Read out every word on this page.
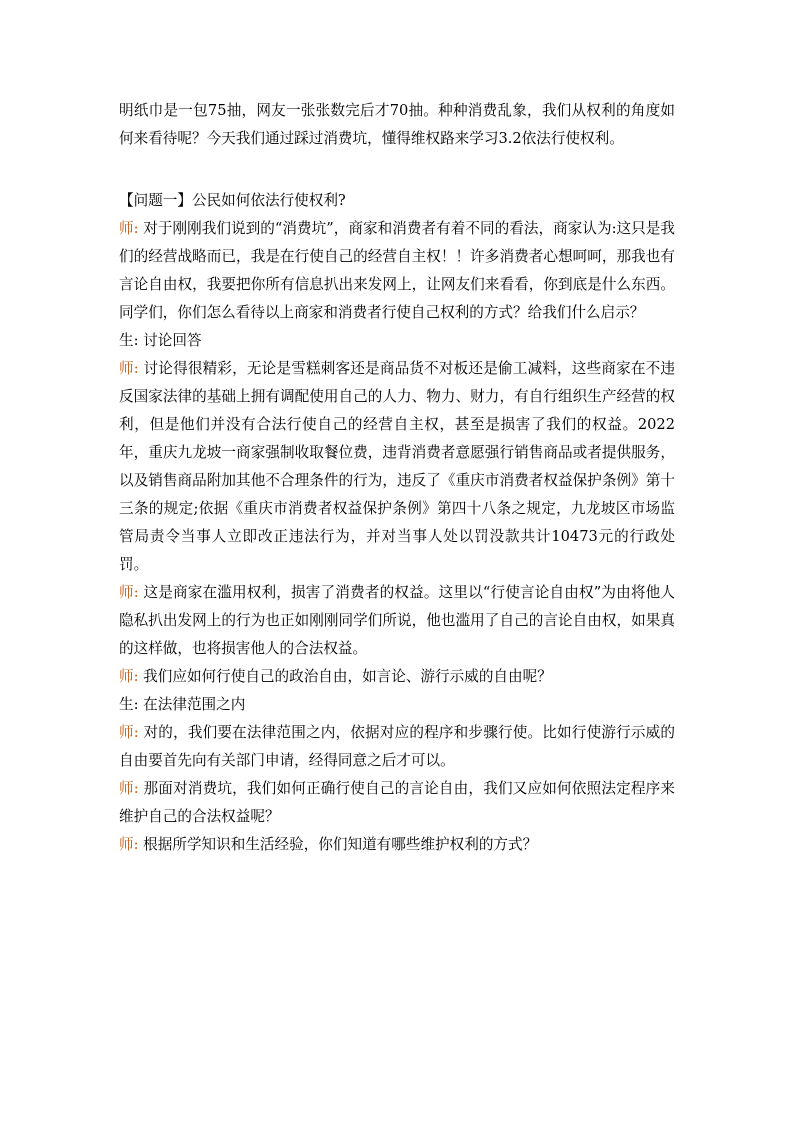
明纸巾是一包75抽，网友一张张数完后才70抽。种种消费乱象，我们从权利的角度如何来看待呢？今天我们通过踩过消费坑，懂得维权路来学习3.2依法行使权利。

【问题一】公民如何依法行使权利?

师: 对于刚刚我们说到的“消费坑”，商家和消费者有着不同的看法，商家认为:这只是我们的经营战略而已，我是在行使自己的经营自主权！！许多消费者心想呵呵，那我也有言论自由权，我要把你所有信息扒出来发网上，让网友们来看看，你到底是什么东西。同学们，你们怎么看待以上商家和消费者行使自己权利的方式？给我们什么启示？

生: 讨论回答

师: 讨论得很精彩，无论是雪糕刺客还是商品货不对板还是偷工减料，这些商家在不违反国家法律的基础上拥有调配使用自己的人力、物力、财力，有自行组织生产经营的权利，但是他们并没有合法行使自己的经营自主权，甚至是损害了我们的权益。2022年，重庆九龙坡一商家强制收取餐位费，违背消费者意愿强行销售商品或者提供服务，以及销售商品附加其他不合理条件的行为，违反了《重庆市消费者权益保护条例》第十三条的规定;依据《重庆市消费者权益保护条例》第四十八条之规定，九龙坡区市场监管局责令当事人立即改正违法行为，并对当事人处以罚没款共计10473元的行政处罚。

师: 这是商家在滥用权利，损害了消费者的权益。这里以“行使言论自由权”为由将他人隐私扒出发网上的行为也正如刚刚同学们所说，他也滥用了自己的言论自由权，如果真的这样做，也将损害他人的合法权益。

师: 我们应如何行使自己的政治自由，如言论、游行示威的自由呢？

生: 在法律范围之内

师: 对的，我们要在法律范围之内，依据对应的程序和步骤行使。比如行使游行示威的自由要首先向有关部门申请，经得同意之后才可以。

师: 那面对消费坑，我们如何正确行使自己的言论自由，我们又应如何依照法定程序来维护自己的合法权益呢？

师: 根据所学知识和生活经验，你们知道有哪些维护权利的方式？
